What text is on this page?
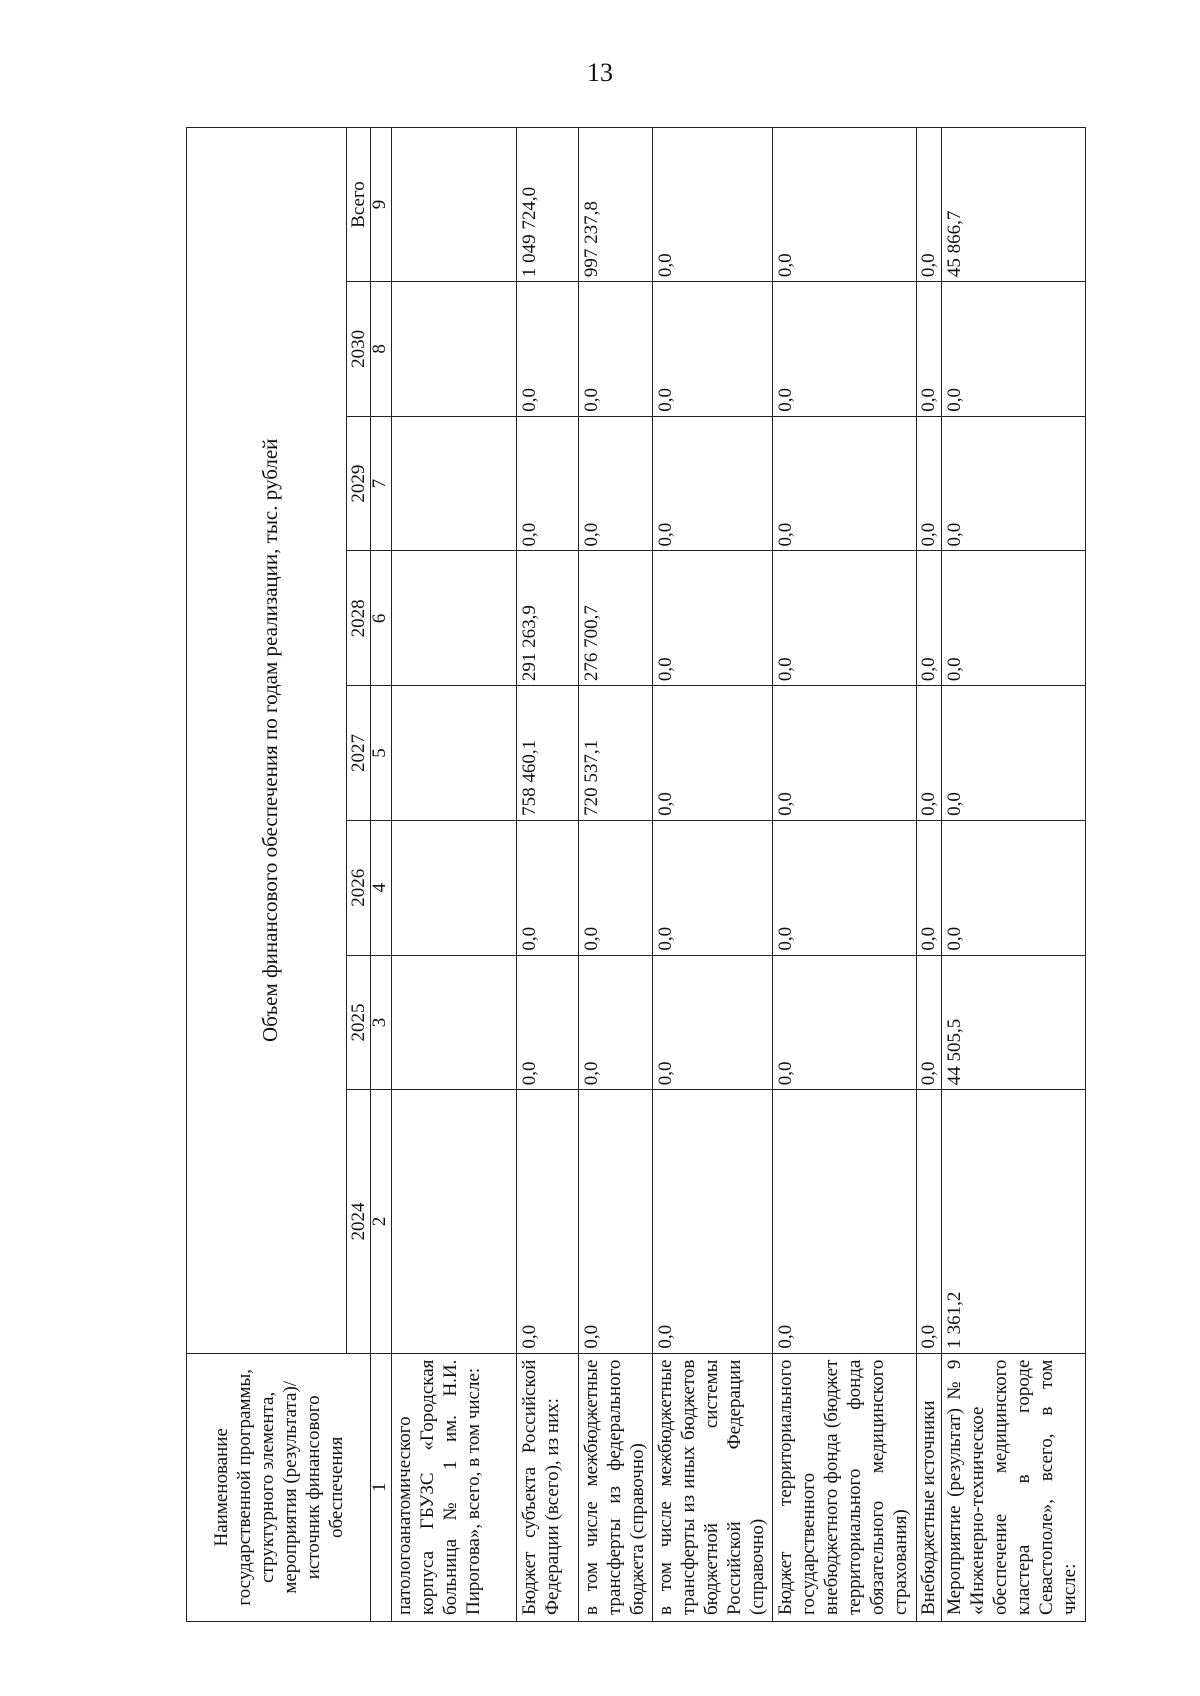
13
Наименование государственной программы, структурного элемента, мероприятия (результата)/источник финансового обеспечения	Объем финансового обеспечения по годам реализации, тыс. рублей							
	2024	2025	2026	2027	2028	2029	2030	Всего
1	2	3	4	5	6	7	8	9
патологоанатомического корпуса ГБУЗС «Городская больница № 1 им. Н.И. Пирогова», всего, в том числе:								
Бюджет субъекта Российской Федерации (всего), из них:	0,0	0,0	0,0	758 460,1	291 263,9	0,0	0,0	1 049 724,0
в том числе межбюджетные трансферты из федерального бюджета (справочно)	0,0	0,0	0,0	720 537,1	276 700,7	0,0	0,0	997 237,8
в том числе межбюджетные трансферты из иных бюджетов бюджетной системы Российской Федерации (справочно)	0,0	0,0	0,0	0,0	0,0	0,0	0,0	0,0
Бюджет территориального государственного внебюджетного фонда (бюджет территориального фонда обязательного медицинского страхования)	0,0	0,0	0,0	0,0	0,0	0,0	0,0	0,0
Внебюджетные источники	0,0	0,0	0,0	0,0	0,0	0,0	0,0	0,0
Мероприятие (результат) № 9 «Инженерно-техническое обеспечение медицинского кластера в городе Севастополе», всего, в том числе:	1 361,2	44 505,5	0,0	0,0	0,0	0,0	0,0	45 866,7
